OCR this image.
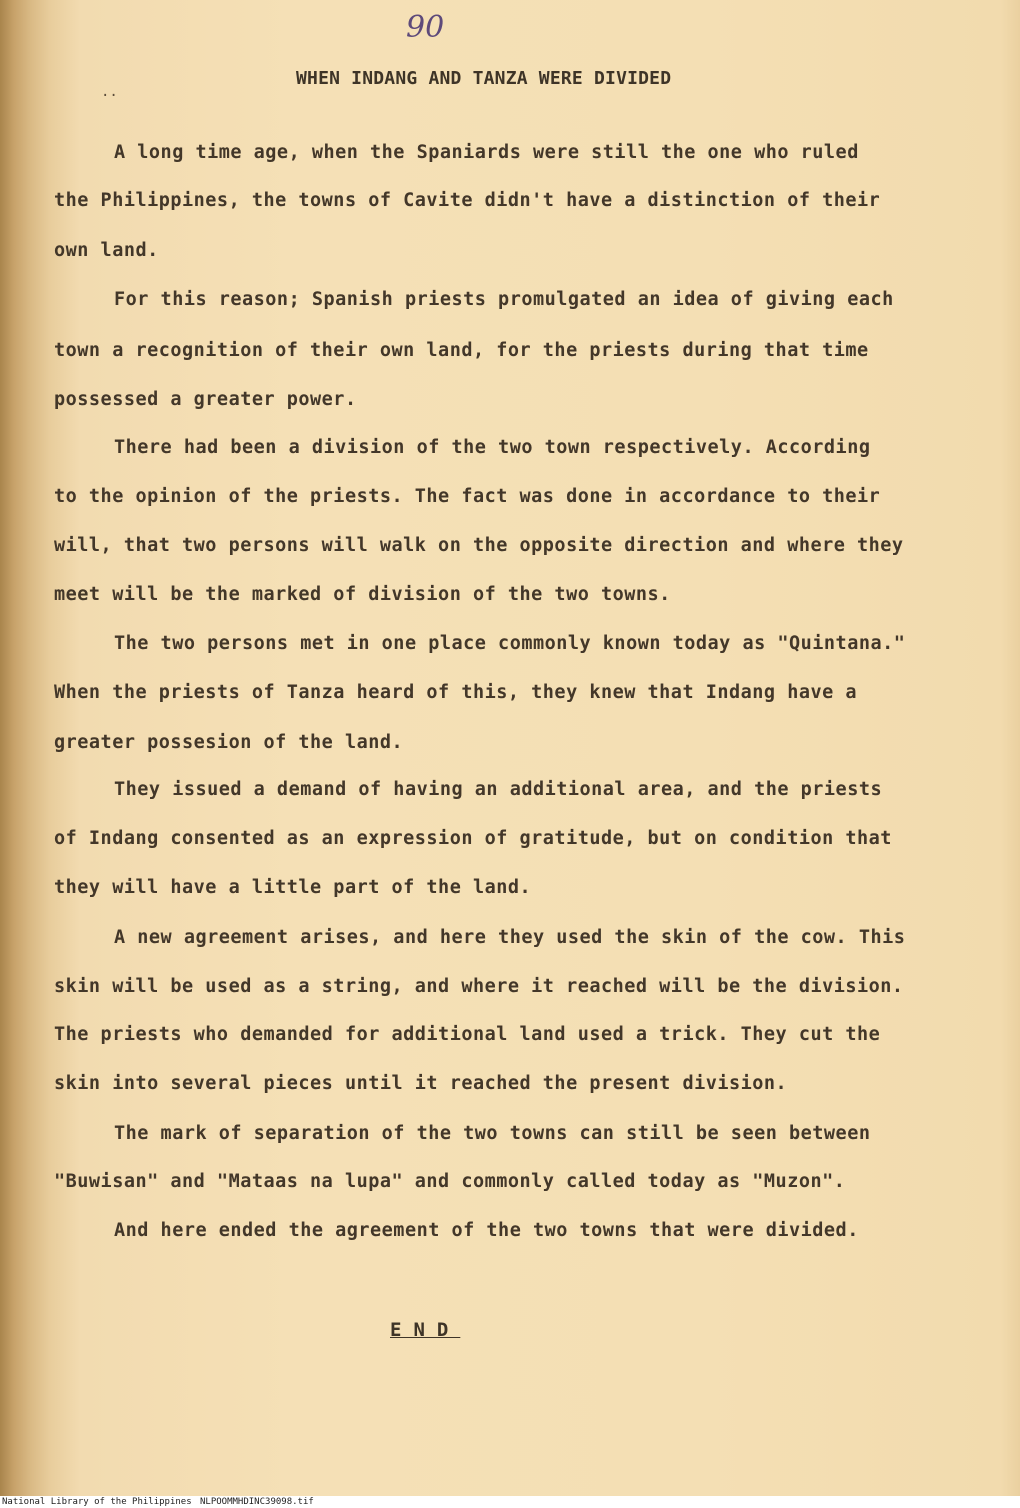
90

··

WHEN INDANG AND TANZA WERE DIVIDED

A long time age, when the Spaniards were still the one who ruled

the Philippines, the towns of Cavite didn't have a distinction of their

own land.

For this reason; Spanish priests promulgated an idea of giving each

town a recognition of their own land, for the priests during that time

possessed a greater power.

There had been a division of the two town respectively. According

to the opinion of the priests. The fact was done in accordance to their

will, that two persons will walk on the opposite direction and where they

meet will be the marked of division of the two towns.

The two persons met in one place commonly known today as "Quintana."

When the priests of Tanza heard of this, they knew that Indang have a

greater possesion of the land.

They issued a demand of having an additional area, and the priests

of Indang consented as an expression of gratitude, but on condition that

they will have a little part of the land.

A new agreement arises, and here they used the skin of the cow. This

skin will be used as a string, and where it reached will be the division.

The priests who demanded for additional land used a trick. They cut the

skin into several pieces until it reached the present division.

The mark of separation of the two towns can still be seen between

"Buwisan" and "Mataas na lupa" and commonly called today as "Muzon".

And here ended the agreement of the two towns that were divided.

END

National Library of the Philippines NLPOOMMHDINC39098.tif
